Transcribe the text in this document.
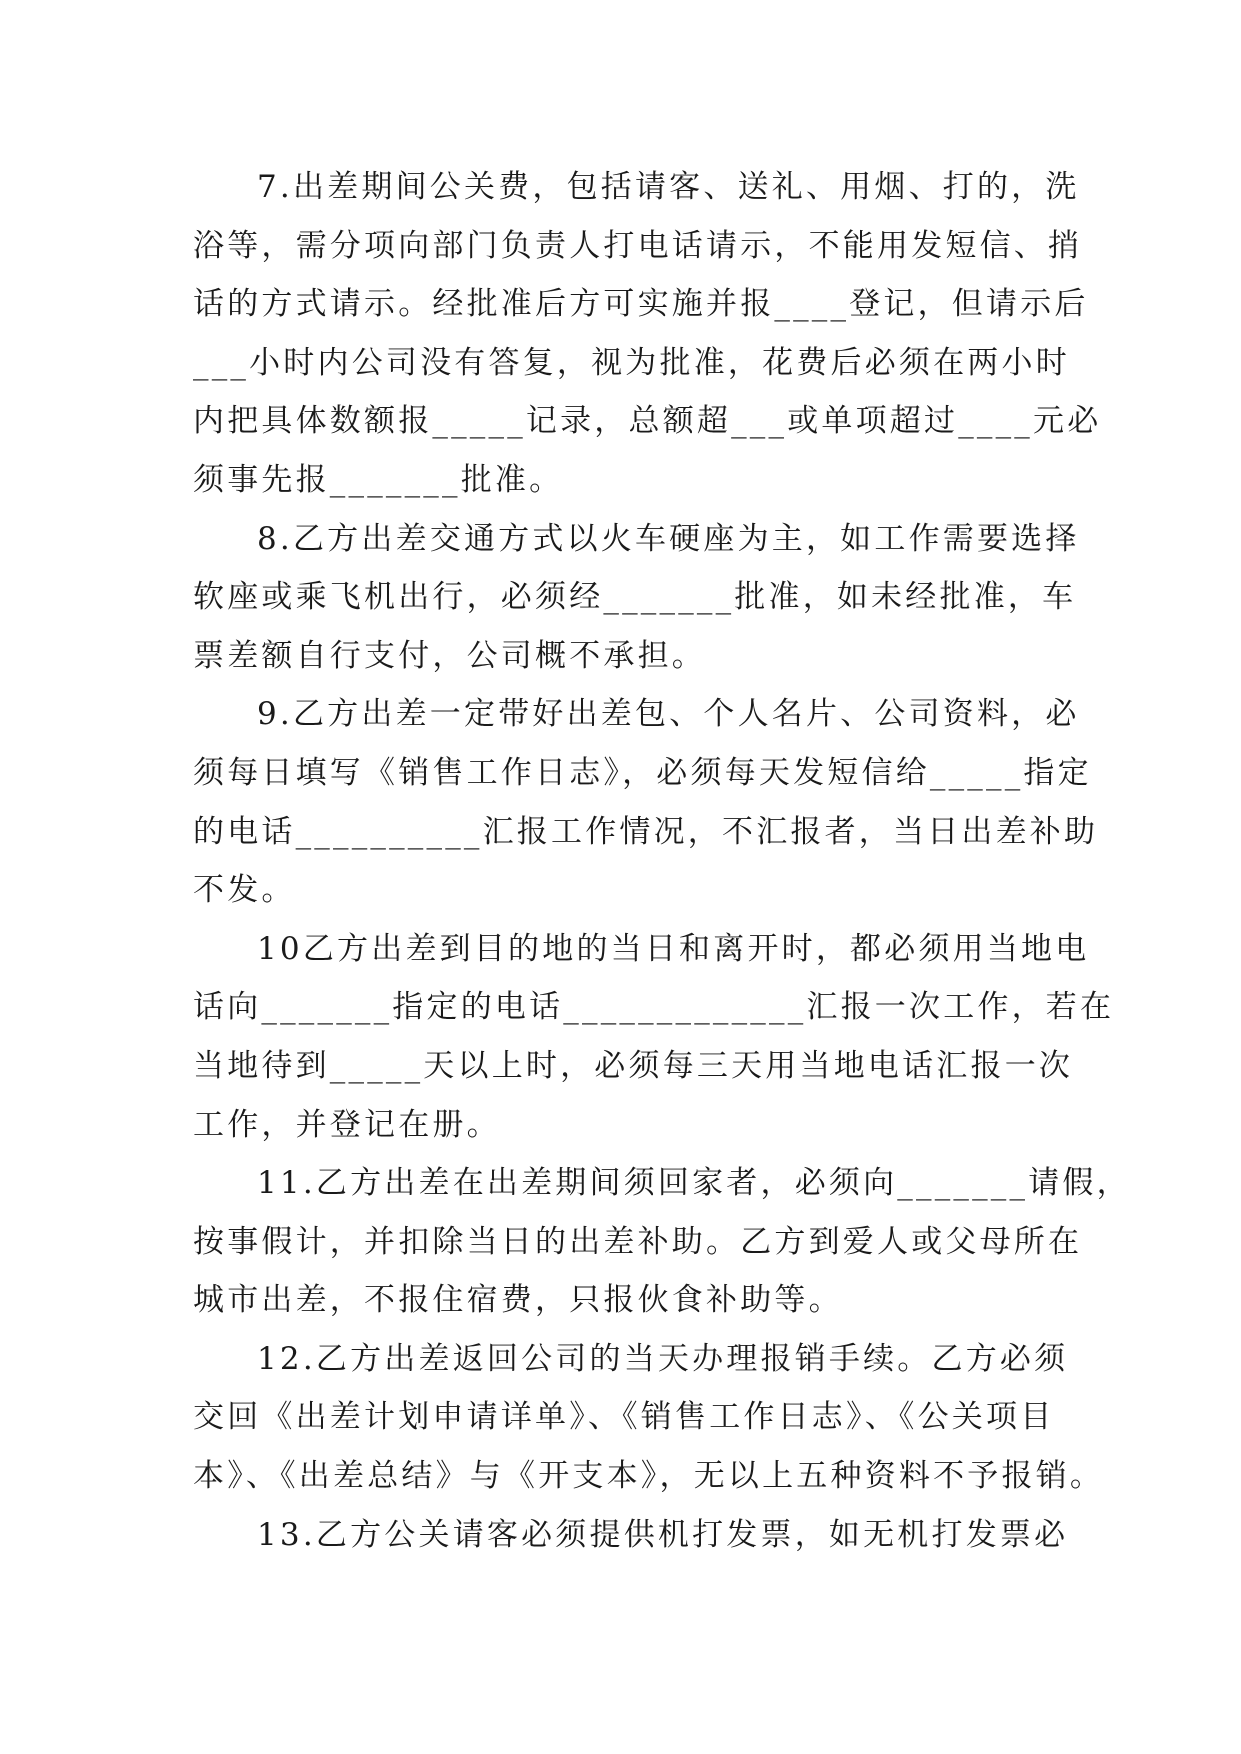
7.出差期间公关费，包括请客、送礼、用烟、打的，洗
浴等，需分项向部门负责人打电话请示，不能用发短信、捎
话的方式请示。经批准后方可实施并报____登记，但请示后
___小时内公司没有答复，视为批准，花费后必须在两小时
内把具体数额报_____记录，总额超___或单项超过____元必
须事先报_______批准。
8.乙方出差交通方式以火车硬座为主，如工作需要选择
软座或乘飞机出行，必须经_______批准，如未经批准，车
票差额自行支付，公司概不承担。
9.乙方出差一定带好出差包、个人名片、公司资料，必
须每日填写《销售工作日志》，必须每天发短信给_____指定
的电话__________汇报工作情况，不汇报者，当日出差补助
不发。
10乙方出差到目的地的当日和离开时，都必须用当地电
话向_______指定的电话_____________汇报一次工作，若在
当地待到_____天以上时，必须每三天用当地电话汇报一次
工作，并登记在册。
11.乙方出差在出差期间须回家者，必须向_______请假，
按事假计，并扣除当日的出差补助。乙方到爱人或父母所在
城市出差，不报住宿费，只报伙食补助等。
12.乙方出差返回公司的当天办理报销手续。乙方必须
交回《出差计划申请详单》、《销售工作日志》、《公关项目
本》、《出差总结》与《开支本》，无以上五种资料不予报销。
13.乙方公关请客必须提供机打发票，如无机打发票必
